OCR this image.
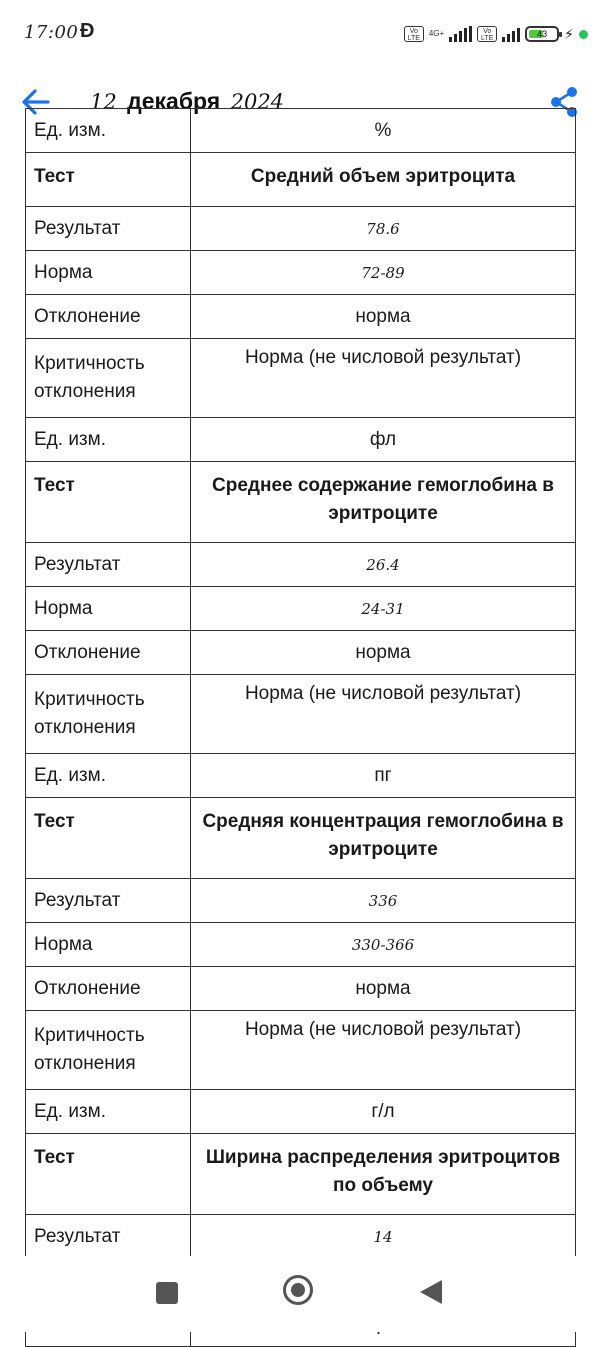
17:00 Đ	Vo LTE
4G+	Vo LTE	43	⚡
12 декабря 2024
Ед. изм.	%
Тест	Средний объем эритроцита
Результат	78.6
Норма	72-89
Отклонение	норма
Критичность отклонения	Норма (не числовой результат)
Ед. изм.	фл
Тест	Среднее содержание гемоглобина в эритроците
Результат	26.4
Норма	24-31
Отклонение	норма
Критичность отклонения	Норма (не числовой результат)
Ед. изм.	пг
Тест	Средняя концентрация гемоглобина в эритроците
Результат	336
Норма	330-366
Отклонение	норма
Критичность отклонения	Норма (не числовой результат)
Ед. изм.	г/л
Тест	Ширина распределения эритроцитов по объему
Результат	14
